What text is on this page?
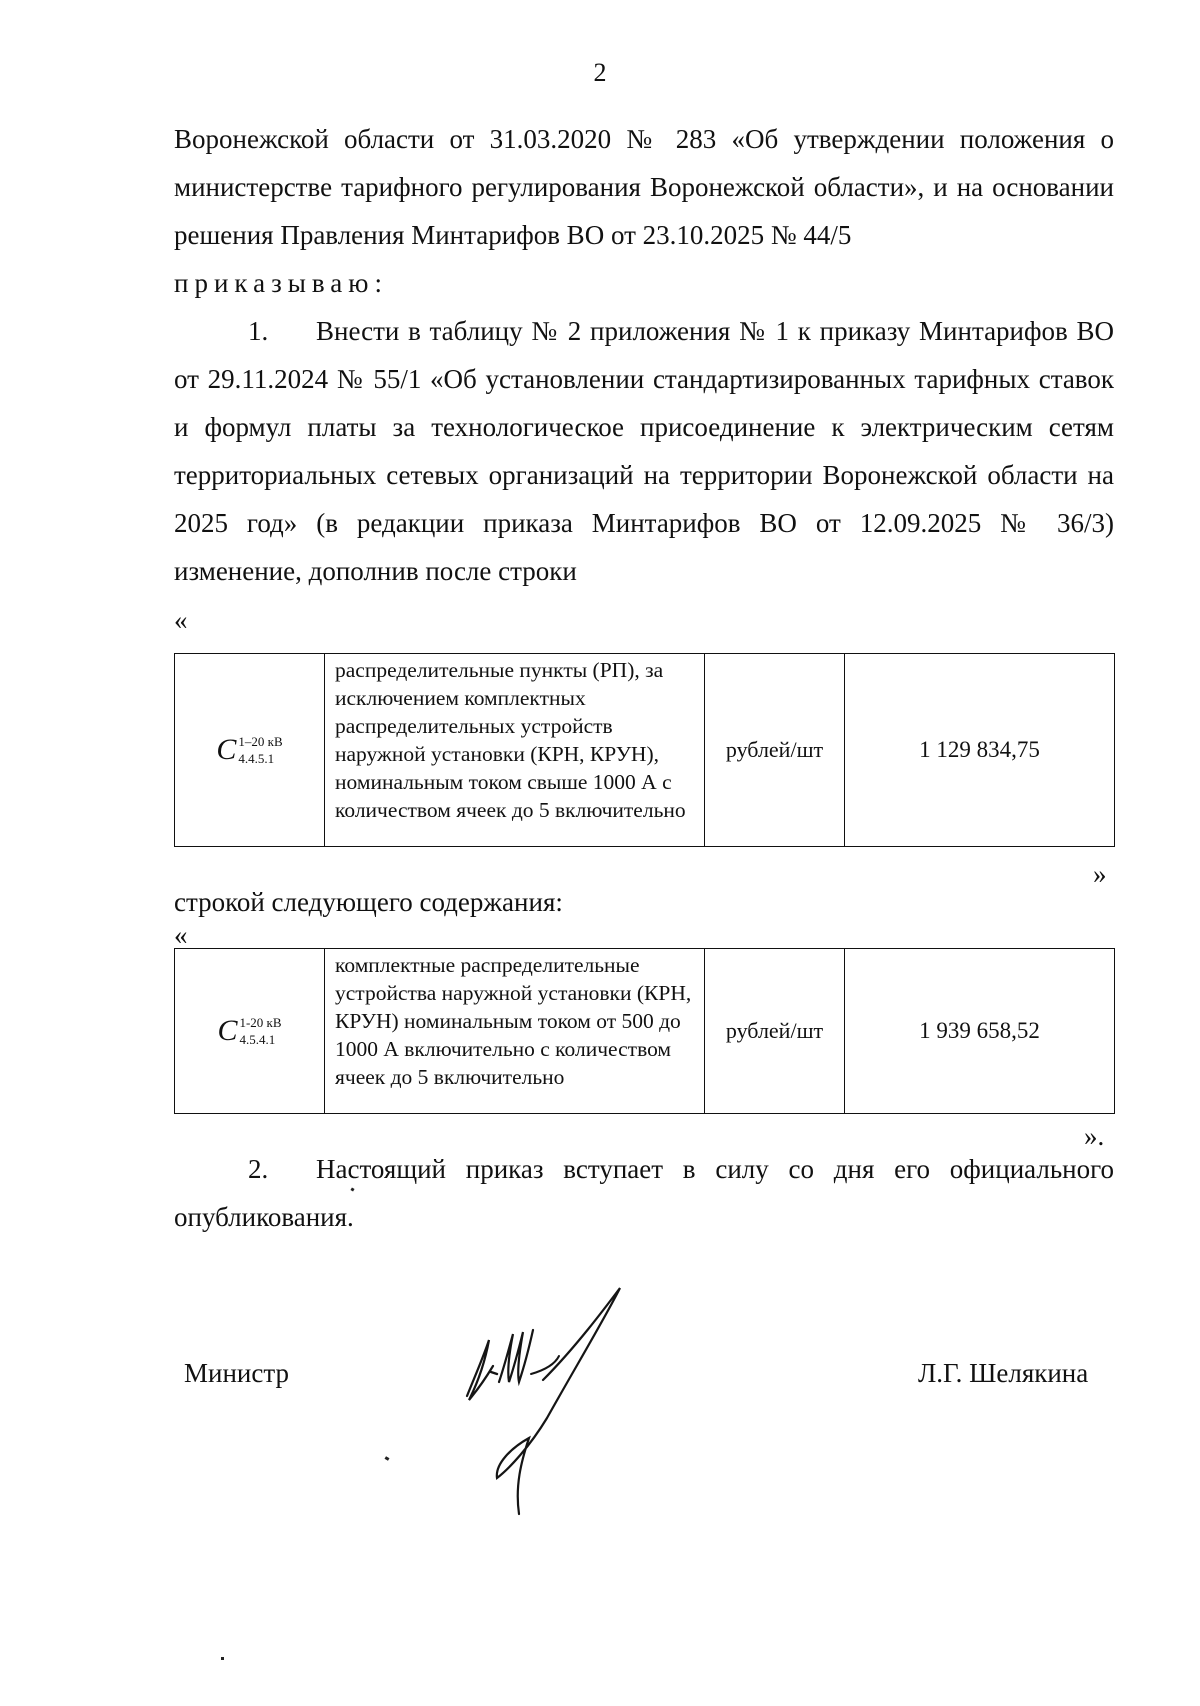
2
Воронежской области от 31.03.2020 № 283 «Об утверждении положения о министерстве тарифного регулирования Воронежской области», и на основании решения Правления Минтарифов ВО от 23.10.2025 № 44/5
приказываю:
1. Внести в таблицу № 2 приложения № 1 к приказу Минтарифов ВО от 29.11.2024 № 55/1 «Об установлении стандартизированных тарифных ставок и формул платы за технологическое присоединение к электрическим сетям территориальных сетевых организаций на территории Воронежской области на 2025 год» (в редакции приказа Минтарифов ВО от 12.09.2025 № 36/3) изменение, дополнив после строки
«
C 1–20 кВ
4.4.5.1
	распределительные пункты (РП), за исключением комплектных распределительных устройств наружной установки (КРН, КРУН), номинальным током свыше 1000 А с количеством ячеек до 5 включительно	рублей/шт	1 129 834,75
»
строкой следующего содержания:
«
C 1-20 кВ
4.5.4.1
	комплектные распределительные устройства наружной установки (КРН, КРУН) номинальным током от 500 до 1000 А включительно с количеством ячеек до 5 включительно	рублей/шт	1 939 658,52
».
2. Настоящий приказ вступает в силу со дня его официального опубликования.
Министр	Л.Г. Шелякина
